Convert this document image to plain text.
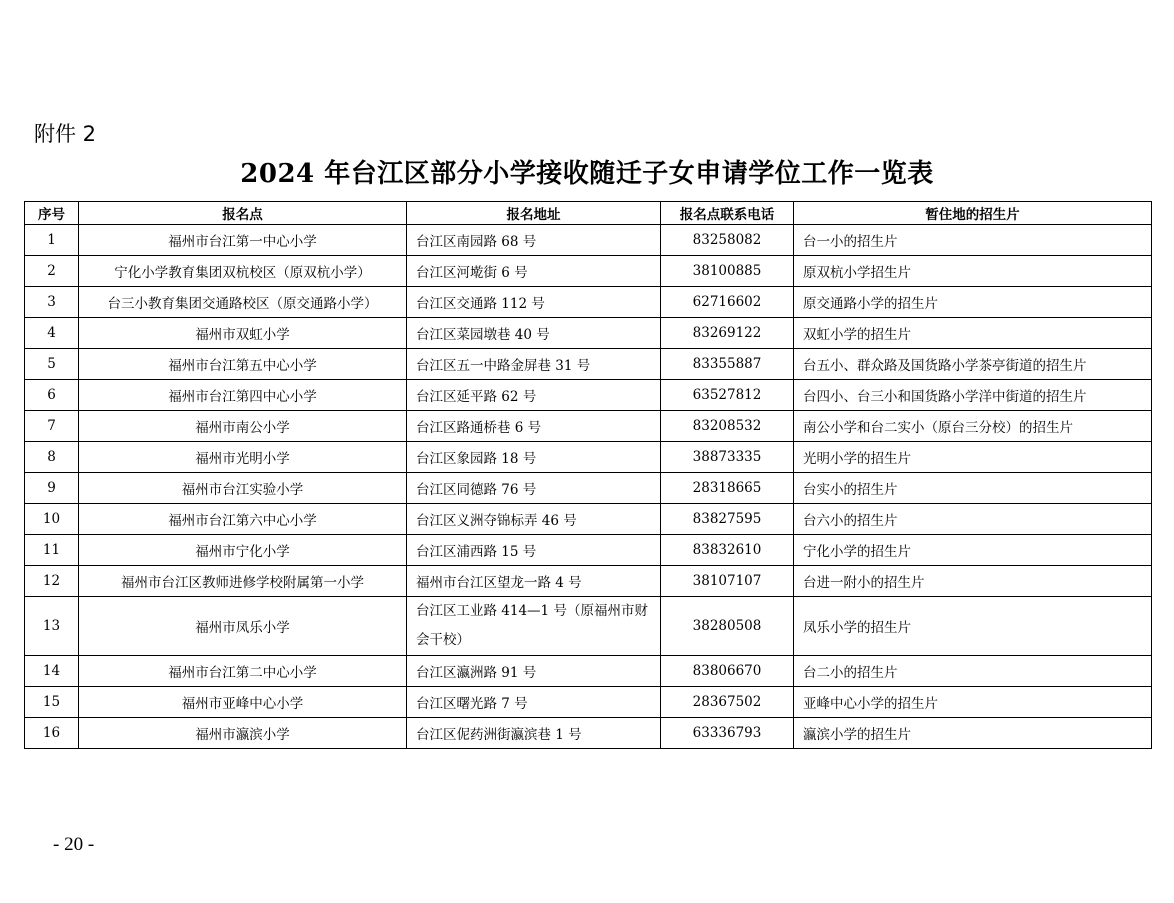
附件 2
2024 年台江区部分小学接收随迁子女申请学位工作一览表
序号	报名点	报名地址	报名点联系电话	暂住地的招生片
1	福州市台江第一中心小学	台江区南园路 68 号	83258082	台一小的招生片
2	宁化小学教育集团双杭校区（原双杭小学）	台江区河墘街 6 号	38100885	原双杭小学招生片
3	台三小教育集团交通路校区（原交通路小学）	台江区交通路 112 号	62716602	原交通路小学的招生片
4	福州市双虹小学	台江区菜园墩巷 40 号	83269122	双虹小学的招生片
5	福州市台江第五中心小学	台江区五一中路金屏巷 31 号	83355887	台五小、群众路及国货路小学茶亭街道的招生片
6	福州市台江第四中心小学	台江区延平路 62 号	63527812	台四小、台三小和国货路小学洋中街道的招生片
7	福州市南公小学	台江区路通桥巷 6 号	83208532	南公小学和台二实小（原台三分校）的招生片
8	福州市光明小学	台江区象园路 18 号	38873335	光明小学的招生片
9	福州市台江实验小学	台江区同德路 76 号	28318665	台实小的招生片
10	福州市台江第六中心小学	台江区义洲夺锦标弄 46 号	83827595	台六小的招生片
11	福州市宁化小学	台江区浦西路 15 号	83832610	宁化小学的招生片
12	福州市台江区教师进修学校附属第一小学	福州市台江区望龙一路 4 号	38107107	台进一附小的招生片
13	福州市凤乐小学	台江区工业路 414—1 号（原福州市财会干校）	38280508	凤乐小学的招生片
14	福州市台江第二中心小学	台江区瀛洲路 91 号	83806670	台二小的招生片
15	福州市亚峰中心小学	台江区曙光路 7 号	28367502	亚峰中心小学的招生片
16	福州市瀛滨小学	台江区伲药洲街瀛滨巷 1 号	63336793	瀛滨小学的招生片
- 20 -
